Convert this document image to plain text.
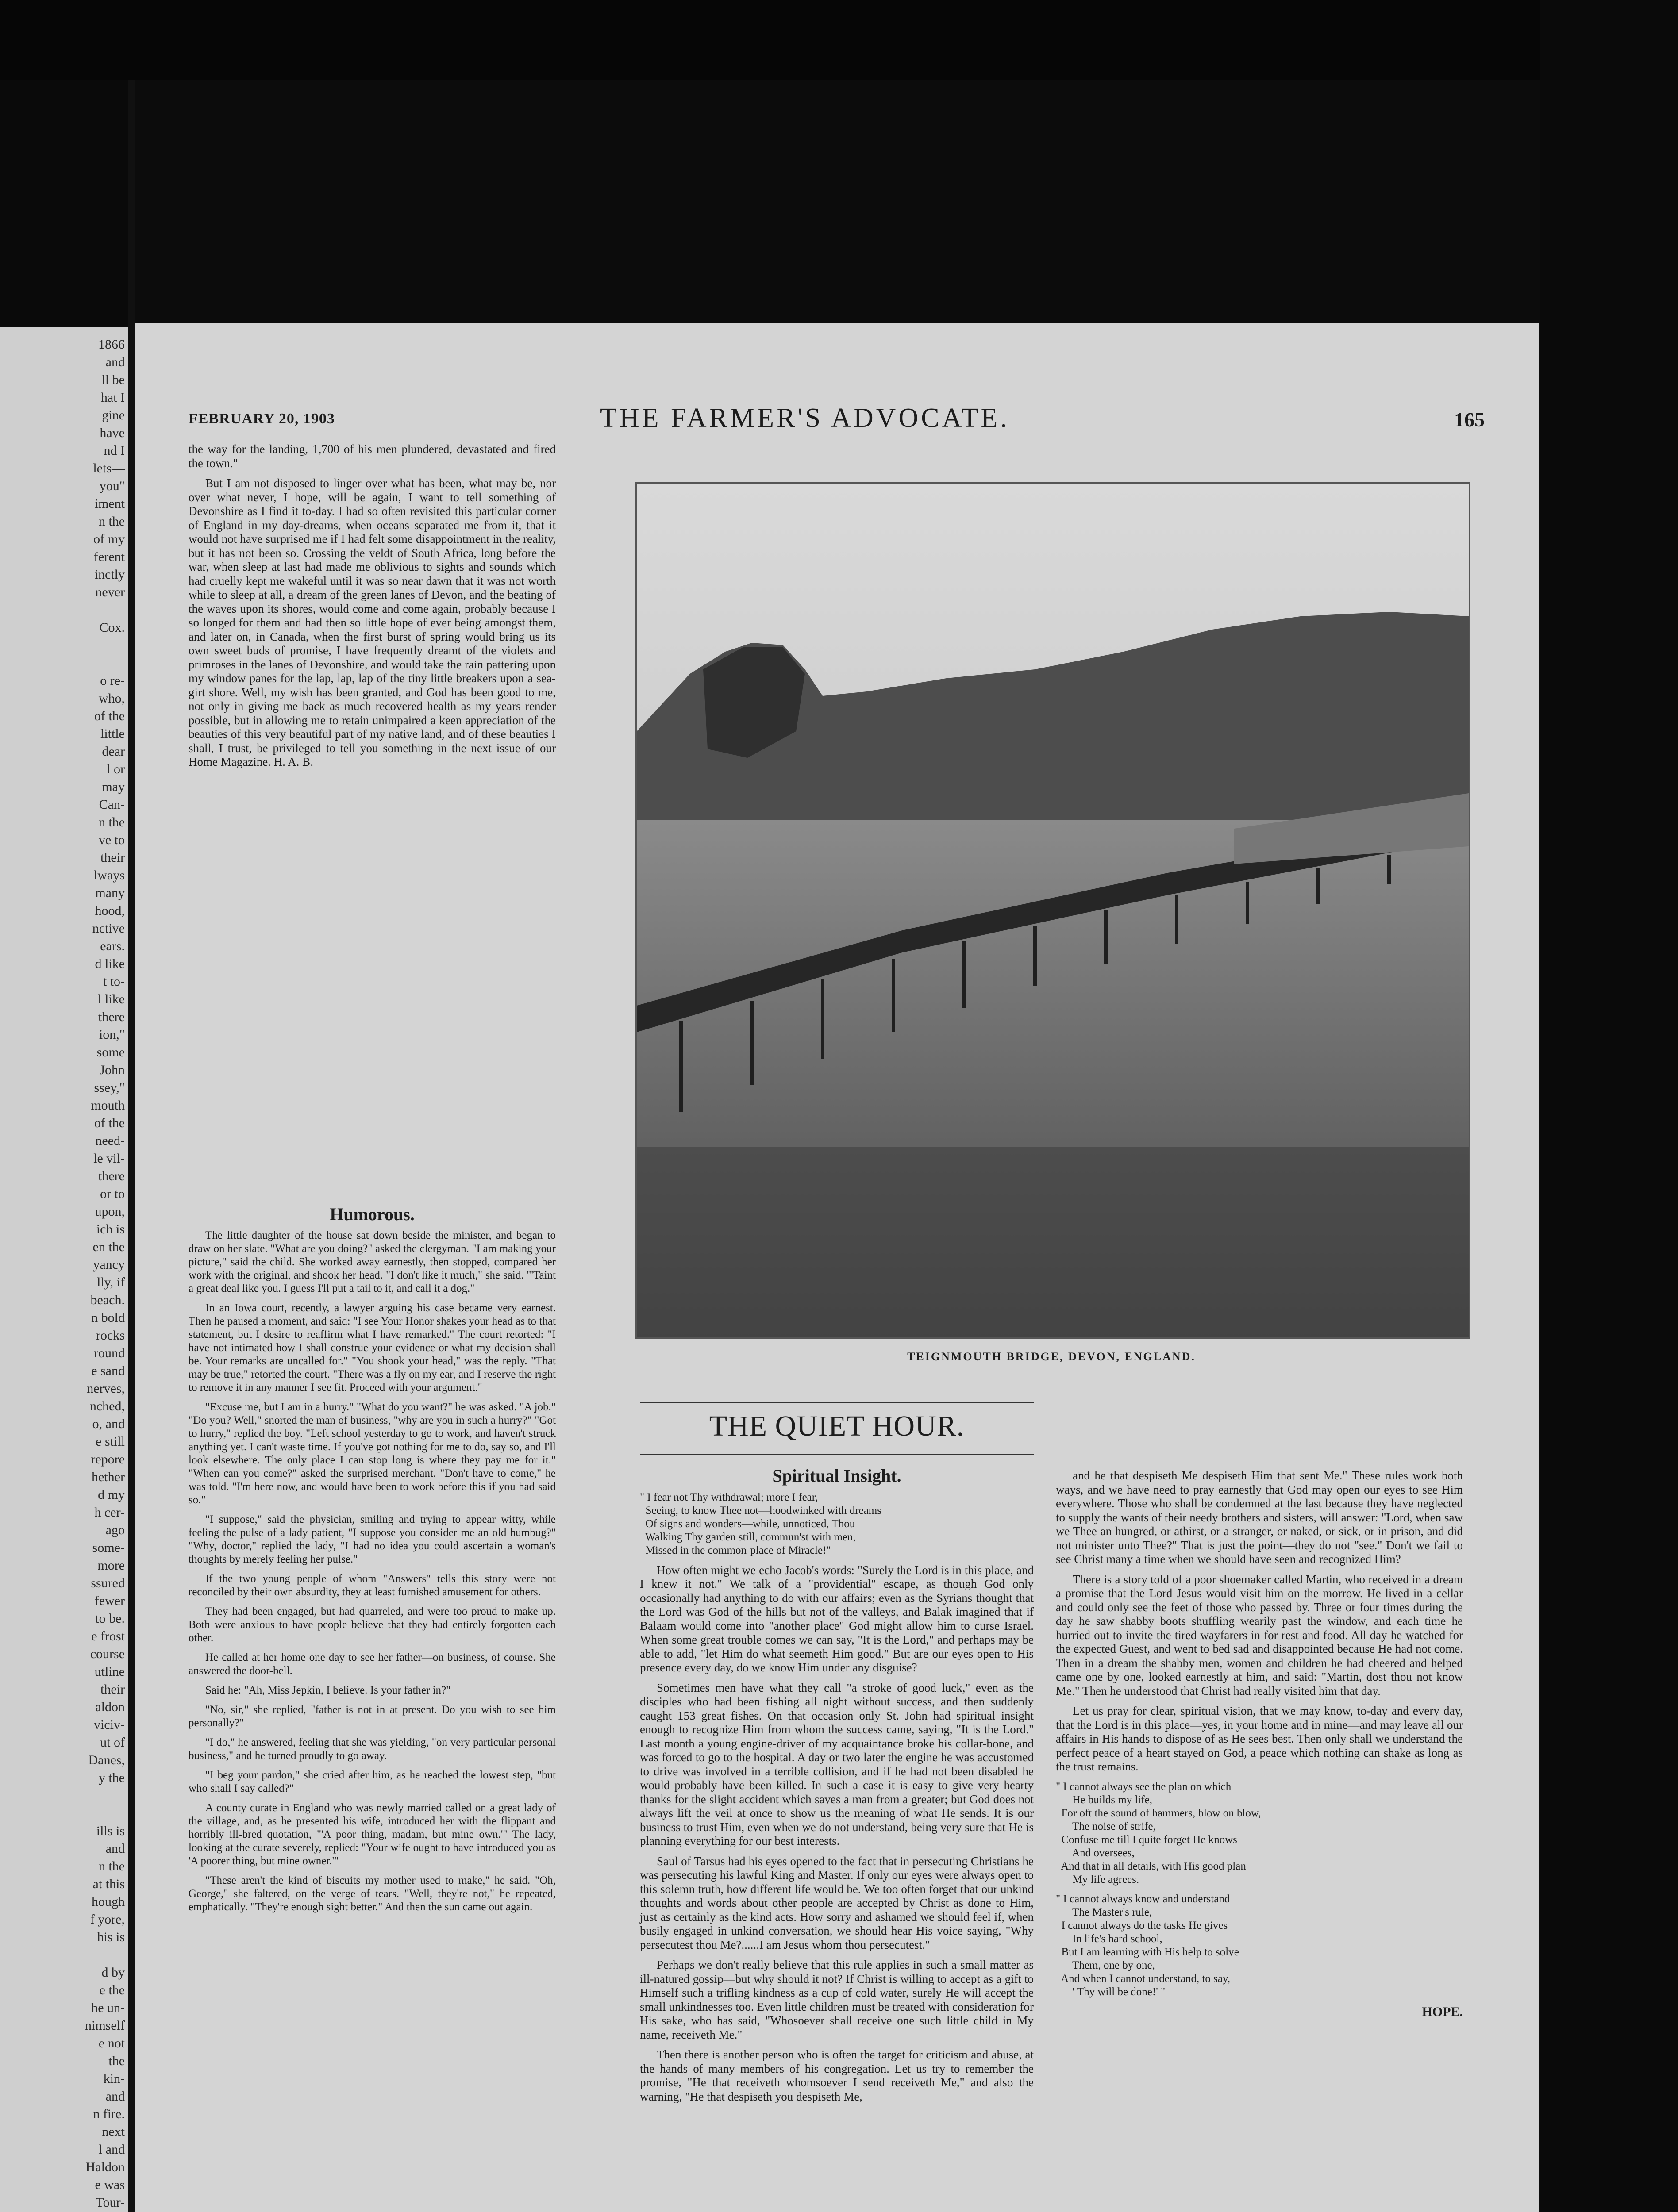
1866
and
ll be
hat I
gine
have
nd I
lets—
you"
iment
n the
of my
ferent
inctly
never
Cox.
o re-
who,
of the
little
dear
l or
may
Can-
n the
ve to
their
lways
many
hood,
nctive
ears.
d like
t to-
l like
there
ion,"
some
John
ssey,"
mouth
of the
need-
le vil-
there
or to
upon,
ich is
en the
yancy
lly, if
beach.
n bold
rocks
round
e sand
nerves,
nched,
o, and
e still
repore
hether
d my
h cer-
ago
some-
more
ssured
fewer
to be.
e frost
course
utline
their
aldon
viciv-
ut of
Danes,
y the
ills is
and
n the
at this
hough
f yore,
his is
d by
e the
he un-
nimself
e not
the
kin-
and
n fire.
next
l and
Haldon
e was
Tour-
FEBRUARY 20, 1903	THE FARMER'S ADVOCATE.	165

the way for the landing, 1,700 of his men plundered, devastated and fired the town."

But I am not disposed to linger over what has been, what may be, nor over what never, I hope, will be again, I want to tell something of Devonshire as I find it to-day. I had so often revisited this particular corner of England in my day-dreams, when oceans separated me from it, that it would not have surprised me if I had felt some disappointment in the reality, but it has not been so. Crossing the veldt of South Africa, long before the war, when sleep at last had made me oblivious to sights and sounds which had cruelly kept me wakeful until it was so near dawn that it was not worth while to sleep at all, a dream of the green lanes of Devon, and the beating of the waves upon its shores, would come and come again, probably because I so longed for them and had then so little hope of ever being amongst them, and later on, in Canada, when the first burst of spring would bring us its own sweet buds of promise, I have frequently dreamt of the violets and primroses in the lanes of Devonshire, and would take the rain pattering upon my window panes for the lap, lap, lap of the tiny little breakers upon a sea-girt shore. Well, my wish has been granted, and God has been good to me, not only in giving me back as much recovered health as my years render possible, but in allowing me to retain unimpaired a keen appreciation of the beauties of this very beautiful part of my native land, and of these beauties I shall, I trust, be privileged to tell you something in the next issue of our Home Magazine. H. A. B.

Humorous.

The little daughter of the house sat down beside the minister, and began to draw on her slate. "What are you doing?" asked the clergyman. "I am making your picture," said the child. She worked away earnestly, then stopped, compared her work with the original, and shook her head. "I don't like it much," she said. "'Taint a great deal like you. I guess I'll put a tail to it, and call it a dog."

In an Iowa court, recently, a lawyer arguing his case became very earnest. Then he paused a moment, and said: "I see Your Honor shakes your head as to that statement, but I desire to reaffirm what I have remarked." The court retorted: "I have not intimated how I shall construe your evidence or what my decision shall be. Your remarks are uncalled for." "You shook your head," was the reply. "That may be true," retorted the court. "There was a fly on my ear, and I reserve the right to remove it in any manner I see fit. Proceed with your argument."

"Excuse me, but I am in a hurry." "What do you want?" he was asked. "A job." "Do you? Well," snorted the man of business, "why are you in such a hurry?" "Got to hurry," replied the boy. "Left school yesterday to go to work, and haven't struck anything yet. I can't waste time. If you've got nothing for me to do, say so, and I'll look elsewhere. The only place I can stop long is where they pay me for it." "When can you come?" asked the surprised merchant. "Don't have to come," he was told. "I'm here now, and would have been to work before this if you had said so."

"I suppose," said the physician, smiling and trying to appear witty, while feeling the pulse of a lady patient, "I suppose you consider me an old humbug?" "Why, doctor," replied the lady, "I had no idea you could ascertain a woman's thoughts by merely feeling her pulse."

If the two young people of whom "Answers" tells this story were not reconciled by their own absurdity, they at least furnished amusement for others.

They had been engaged, but had quarreled, and were too proud to make up. Both were anxious to have people believe that they had entirely forgotten each other.

He called at her home one day to see her father—on business, of course. She answered the door-bell.

Said he: "Ah, Miss Jepkin, I believe. Is your father in?"

"No, sir," she replied, "father is not in at present. Do you wish to see him personally?"

"I do," he answered, feeling that she was yielding, "on very particular personal business," and he turned proudly to go away.

"I beg your pardon," she cried after him, as he reached the lowest step, "but who shall I say called?"

A county curate in England who was newly married called on a great lady of the village, and, as he presented his wife, introduced her with the flippant and horribly ill-bred quotation, "'A poor thing, madam, but mine own.'" The lady, looking at the curate severely, replied: "Your wife ought to have introduced you as 'A poorer thing, but mine owner.'"

"These aren't the kind of biscuits my mother used to make," he said. "Oh, George," she faltered, on the verge of tears. "Well, they're not," he repeated, emphatically. "They're enough sight better." And then the sun came out again.

TEIGNMOUTH BRIDGE, DEVON, ENGLAND.
THE QUIET HOUR.
Spiritual Insight.
" I fear not Thy withdrawal; more I fear,
Seeing, to know Thee not—hoodwinked with dreams
Of signs and wonders—while, unnoticed, Thou
Walking Thy garden still, commun'st with men,
Missed in the common-place of Miracle!"

How often might we echo Jacob's words: "Surely the Lord is in this place, and I knew it not." We talk of a "providential" escape, as though God only occasionally had anything to do with our affairs; even as the Syrians thought that the Lord was God of the hills but not of the valleys, and Balak imagined that if Balaam would come into "another place" God might allow him to curse Israel. When some great trouble comes we can say, "It is the Lord," and perhaps may be able to add, "let Him do what seemeth Him good." But are our eyes open to His presence every day, do we know Him under any disguise?

Sometimes men have what they call "a stroke of good luck," even as the disciples who had been fishing all night without success, and then suddenly caught 153 great fishes. On that occasion only St. John had spiritual insight enough to recognize Him from whom the success came, saying, "It is the Lord." Last month a young engine-driver of my acquaintance broke his collar-bone, and was forced to go to the hospital. A day or two later the engine he was accustomed to drive was involved in a terrible collision, and if he had not been disabled he would probably have been killed. In such a case it is easy to give very hearty thanks for the slight accident which saves a man from a greater; but God does not always lift the veil at once to show us the meaning of what He sends. It is our business to trust Him, even when we do not understand, being very sure that He is planning everything for our best interests.

Saul of Tarsus had his eyes opened to the fact that in persecuting Christians he was persecuting his lawful King and Master. If only our eyes were always open to this solemn truth, how different life would be. We too often forget that our unkind thoughts and words about other people are accepted by Christ as done to Him, just as certainly as the kind acts. How sorry and ashamed we should feel if, when busily engaged in unkind conversation, we should hear His voice saying, "Why persecutest thou Me?......I am Jesus whom thou persecutest."

Perhaps we don't really believe that this rule applies in such a small matter as ill-natured gossip—but why should it not? If Christ is willing to accept as a gift to Himself such a trifling kindness as a cup of cold water, surely He will accept the small unkindnesses too. Even little children must be treated with consideration for His sake, who has said, "Whosoever shall receive one such little child in My name, receiveth Me."

Then there is another person who is often the target for criticism and abuse, at the hands of many members of his congregation. Let us try to remember the promise, "He that receiveth whomsoever I send receiveth Me," and also the warning, "He that despiseth you despiseth Me,

and he that despiseth Me despiseth Him that sent Me." These rules work both ways, and we have need to pray earnestly that God may open our eyes to see Him everywhere. Those who shall be condemned at the last because they have neglected to supply the wants of their needy brothers and sisters, will answer: "Lord, when saw we Thee an hungred, or athirst, or a stranger, or naked, or sick, or in prison, and did not minister unto Thee?" That is just the point—they do not "see." Don't we fail to see Christ many a time when we should have seen and recognized Him?

There is a story told of a poor shoemaker called Martin, who received in a dream a promise that the Lord Jesus would visit him on the morrow. He lived in a cellar and could only see the feet of those who passed by. Three or four times during the day he saw shabby boots shuffling wearily past the window, and each time he hurried out to invite the tired wayfarers in for rest and food. All day he watched for the expected Guest, and went to bed sad and disappointed because He had not come. Then in a dream the shabby men, women and children he had cheered and helped came one by one, looked earnestly at him, and said: "Martin, dost thou not know Me." Then he understood that Christ had really visited him that day.

Let us pray for clear, spiritual vision, that we may know, to-day and every day, that the Lord is in this place—yes, in your home and in mine—and may leave all our affairs in His hands to dispose of as He sees best. Then only shall we understand the perfect peace of a heart stayed on God, a peace which nothing can shake as long as the trust remains.

" I cannot always see the plan on which
He builds my life,
For oft the sound of hammers, blow on blow,
The noise of strife,
Confuse me till I quite forget He knows
And oversees,
And that in all details, with His good plan
My life agrees.
" I cannot always know and understand
The Master's rule,
I cannot always do the tasks He gives
In life's hard school,
But I am learning with His help to solve
Them, one by one,
And when I cannot understand, to say,
' Thy will be done!' "
HOPE.
